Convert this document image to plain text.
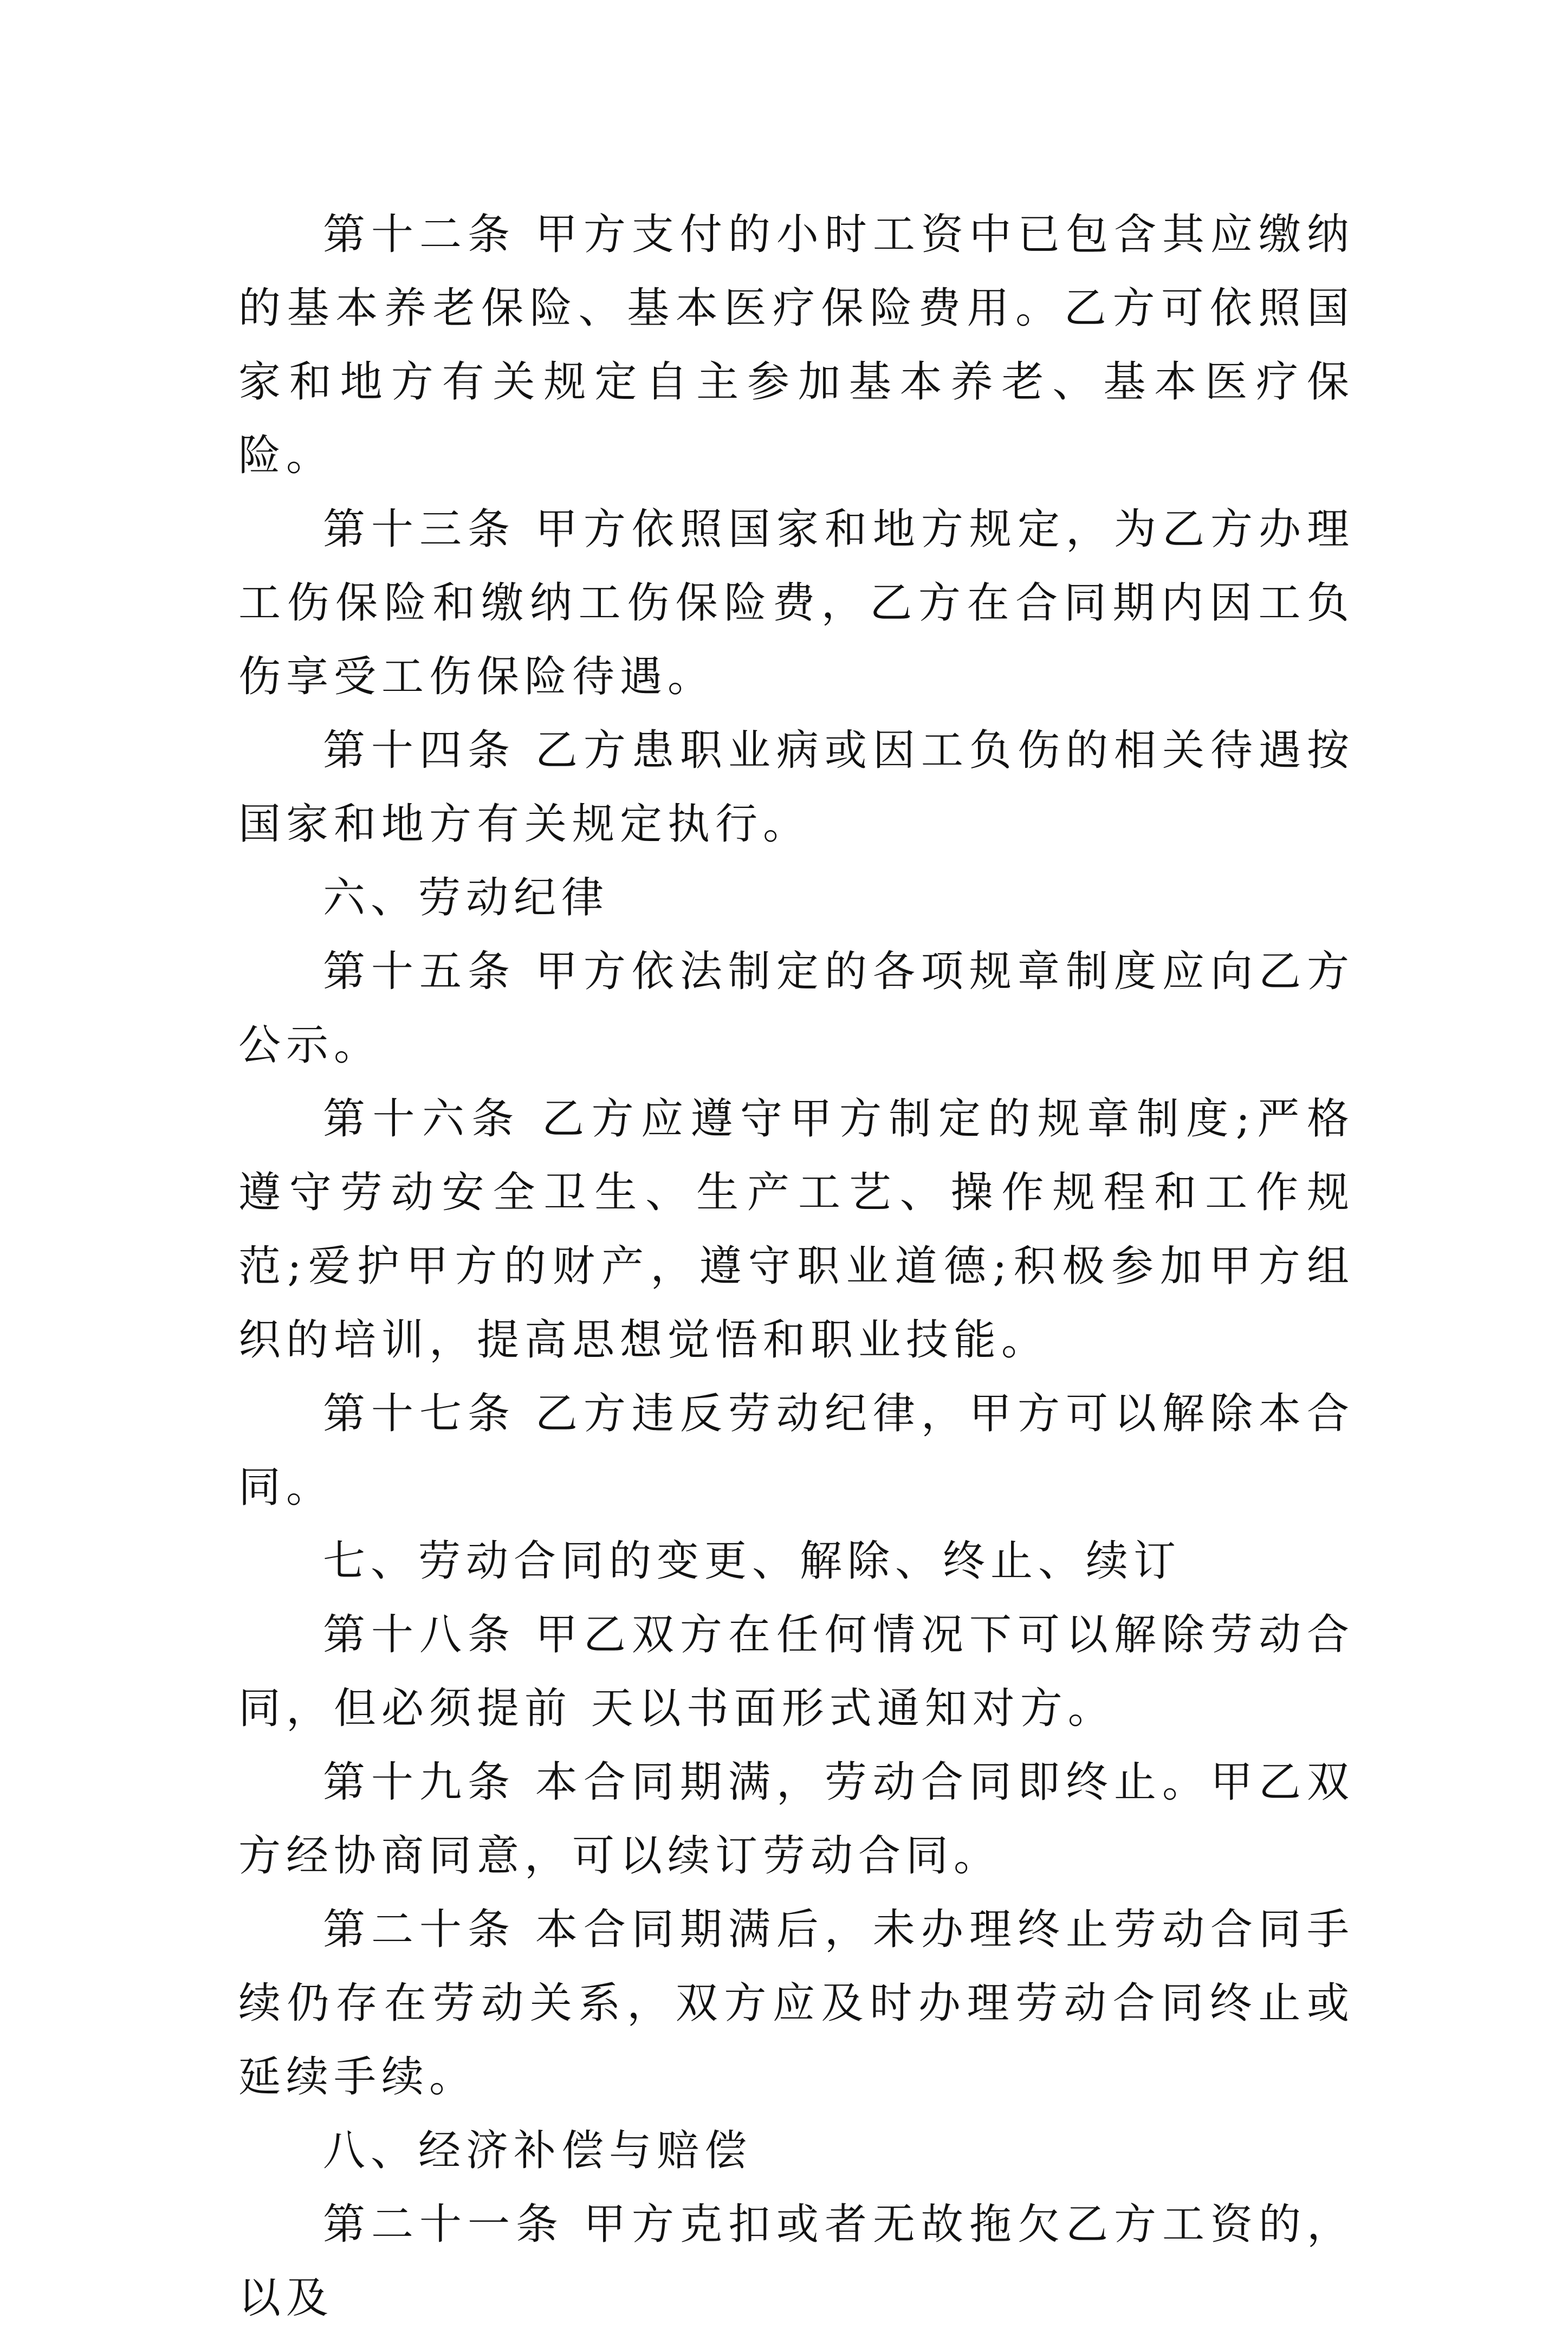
第十二条 甲方支付的小时工资中已包含其应缴纳的基本养老保险、基本医疗保险费用。乙方可依照国家和地方有关规定自主参加基本养老、基本医疗保险。

第十三条 甲方依照国家和地方规定，为乙方办理工伤保险和缴纳工伤保险费，乙方在合同期内因工负伤享受工伤保险待遇。

第十四条 乙方患职业病或因工负伤的相关待遇按国家和地方有关规定执行。

六、劳动纪律

第十五条 甲方依法制定的各项规章制度应向乙方公示。

第十六条 乙方应遵守甲方制定的规章制度;严格遵守劳动安全卫生、生产工艺、操作规程和工作规范;爱护甲方的财产，遵守职业道德;积极参加甲方组织的培训，提高思想觉悟和职业技能。

第十七条 乙方违反劳动纪律，甲方可以解除本合同。

七、劳动合同的变更、解除、终止、续订

第十八条 甲乙双方在任何情况下可以解除劳动合同，但必须提前 天以书面形式通知对方。

第十九条 本合同期满，劳动合同即终止。甲乙双方经协商同意，可以续订劳动合同。

第二十条 本合同期满后，未办理终止劳动合同手续仍存在劳动关系，双方应及时办理劳动合同终止或延续手续。

八、经济补偿与赔偿

第二十一条 甲方克扣或者无故拖欠乙方工资的，以及
